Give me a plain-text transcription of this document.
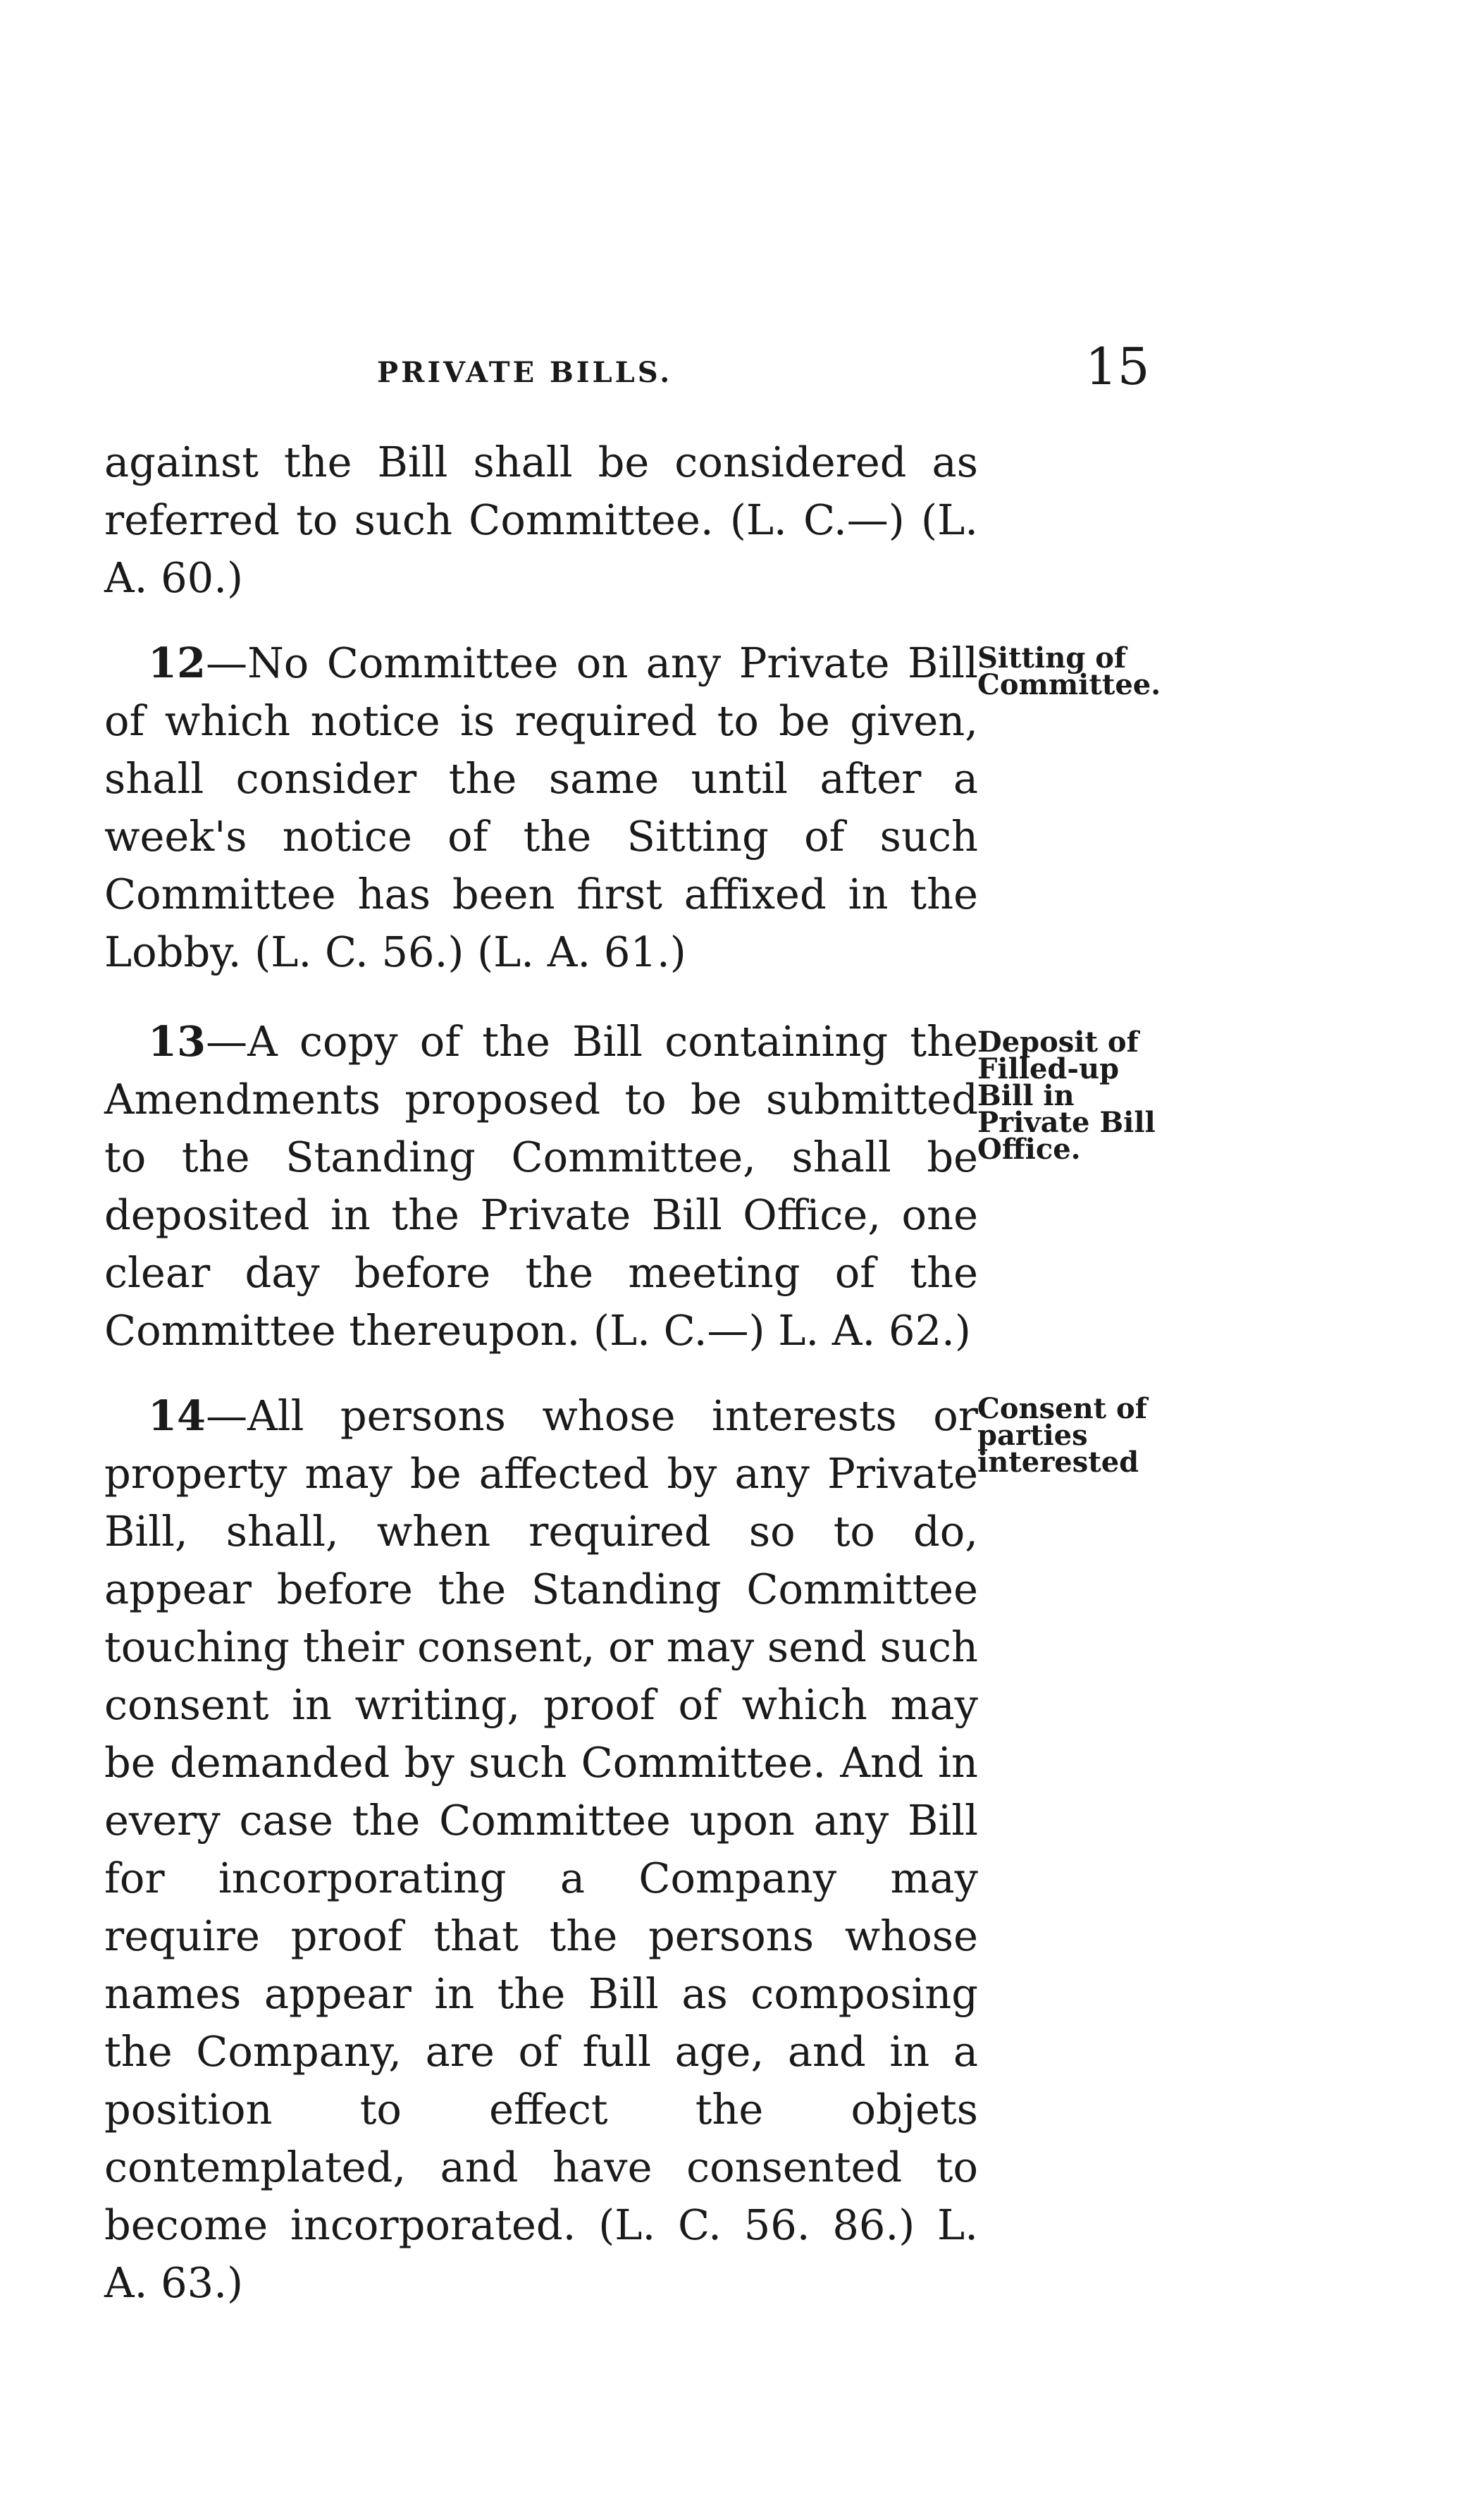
PRIVATE BILLS.	15

against the Bill shall be considered as referred to such Committee. (L. C.—) (L. A. 60.)

12—No Committee on any Private Bill of which notice is required to be given, shall consider the same until after a week's notice of the Sitting of such Committee has been first affixed in the Lobby. (L. C. 56.) (L. A. 61.)

Sitting of Committee.

13—A copy of the Bill containing the Amendments proposed to be submitted to the Standing Committee, shall be deposited in the Private Bill Office, one clear day before the meeting of the Committee thereupon. (L. C.—) L. A. 62.)

Deposit of Filled-up Bill in Private Bill Office.

14—All persons whose interests or property may be affected by any Private Bill, shall, when required so to do, appear before the Standing Committee touching their consent, or may send such consent in writing, proof of which may be demanded by such Committee. And in every case the Committee upon any Bill for incorporating a Company may require proof that the persons whose names appear in the Bill as composing the Company, are of full age, and in a position to effect the objets contemplated, and have consented to become incorporated. (L. C. 56. 86.) L. A. 63.)

Consent of parties interested
